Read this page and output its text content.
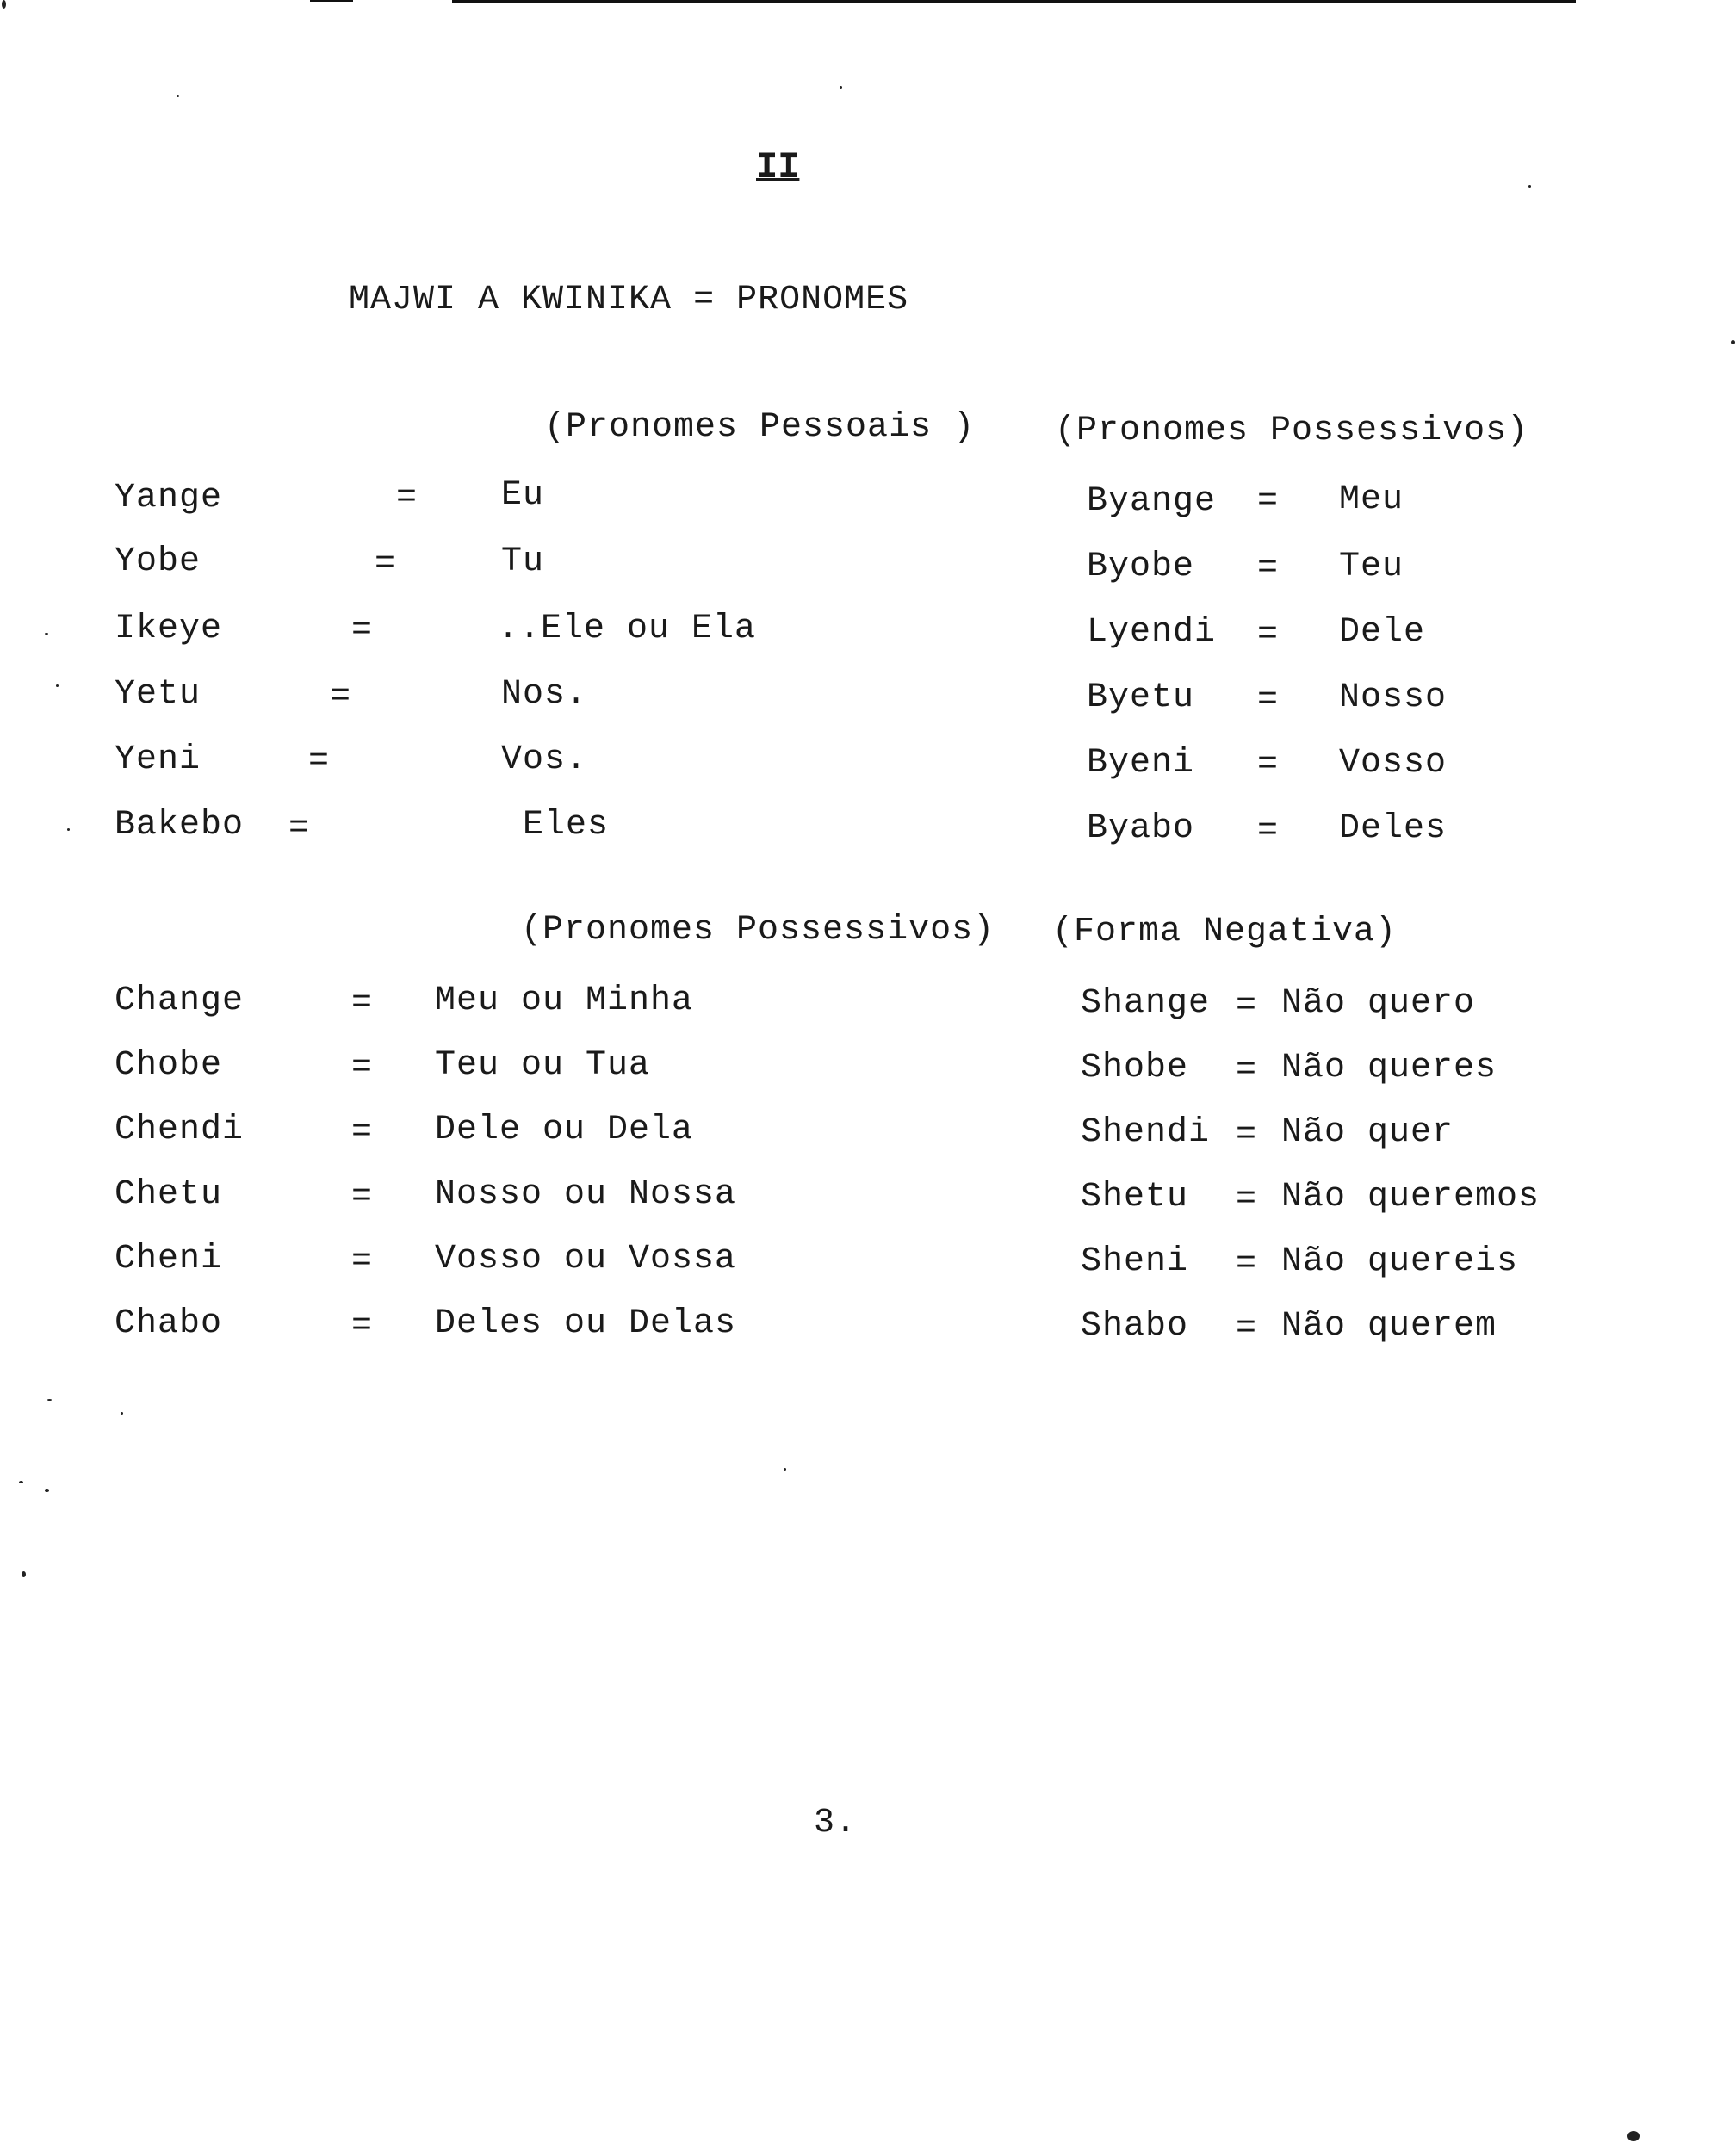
II
MAJWI A KWINIKA = PRONOMES
(Pronomes Pessoais ) (Pronomes Possessivos)
(Pronomes Possessivos) (Forma Negativa)
Yange	= Eu
Yobe	=	Tu
Ikeye	=	..Ele ou Ela
Yetu	=	Nos.
Yeni	=	Vos.
Bakebo =	Eles
Byange = Meu
Byobe = Teu
Lyendi = Dele
Byetu = Nosso
Byeni = Vosso
Byabo = Deles
Change	= Meu ou Minha
Chobe	= Teu ou Tua
Chendi	= Dele ou Dela
Chetu	= Nosso ou Nossa
Cheni	= Vosso ou Vossa
Chabo	= Deles ou Delas
Shange = Não quero
Shobe = Não queres
Shendi = Não quer
Shetu = Não queremos
Sheni = Não quereis
Shabo = Não querem
3.
